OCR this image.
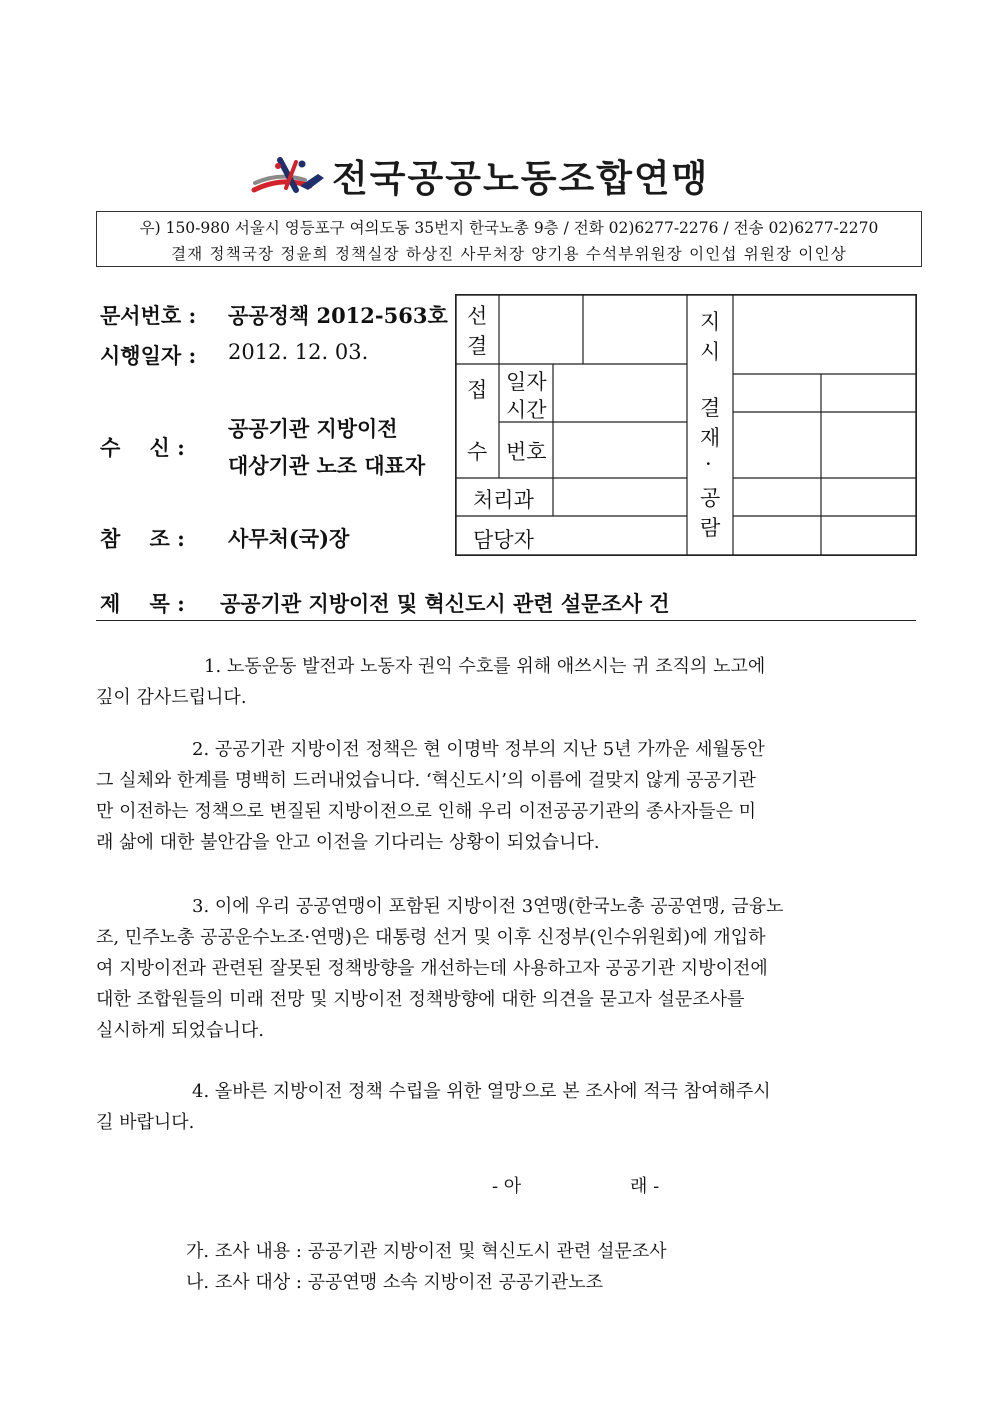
전국공공노동조합연맹
우) 150-980 서울시 영등포구 여의도동 35번지 한국노총 9층 / 전화 02)6277-2276 / 전송 02)6277-2270
결재 정책국장 정윤희 정책실장 하상진 사무처장 양기용 수석부위원장 이인섭 위원장 이인상
문서번호 : 공공정책 2012-563호
시행일자 : 2012. 12. 03.
수    신 :
공공기관 지방이전
대상기관 노조 대표자
참    조 : 사무처(국)장
선
결
접
수
일자
시간
번호
처리과
담당자
지
시
결
재
·
공
람
제    목 : 공공기관 지방이전 및 혁신도시 관련 설문조사 건
1. 노동운동 발전과 노동자 권익 수호를 위해 애쓰시는 귀 조직의 노고에
깊이 감사드립니다.
2. 공공기관 지방이전 정책은 현 이명박 정부의 지난 5년 가까운 세월동안
그 실체와 한계를 명백히 드러내었습니다. ‘혁신도시’의 이름에 걸맞지 않게 공공기관
만 이전하는 정책으로 변질된 지방이전으로 인해 우리 이전공공기관의 종사자들은 미
래 삶에 대한 불안감을 안고 이전을 기다리는 상황이 되었습니다.
3. 이에 우리 공공연맹이 포함된 지방이전 3연맹(한국노총 공공연맹, 금융노
조, 민주노총 공공운수노조·연맹)은 대통령 선거 및 이후 신정부(인수위원회)에 개입하
여 지방이전과 관련된 잘못된 정책방향을 개선하는데 사용하고자 공공기관 지방이전에
대한 조합원들의 미래 전망 및 지방이전 정책방향에 대한 의견을 묻고자 설문조사를
실시하게 되었습니다.
4. 올바른 지방이전 정책 수립을 위한 열망으로 본 조사에 적극 참여해주시
길 바랍니다.
- 아	래 -
가. 조사 내용 : 공공기관 지방이전 및 혁신도시 관련 설문조사
나. 조사 대상 : 공공연맹 소속 지방이전 공공기관노조
